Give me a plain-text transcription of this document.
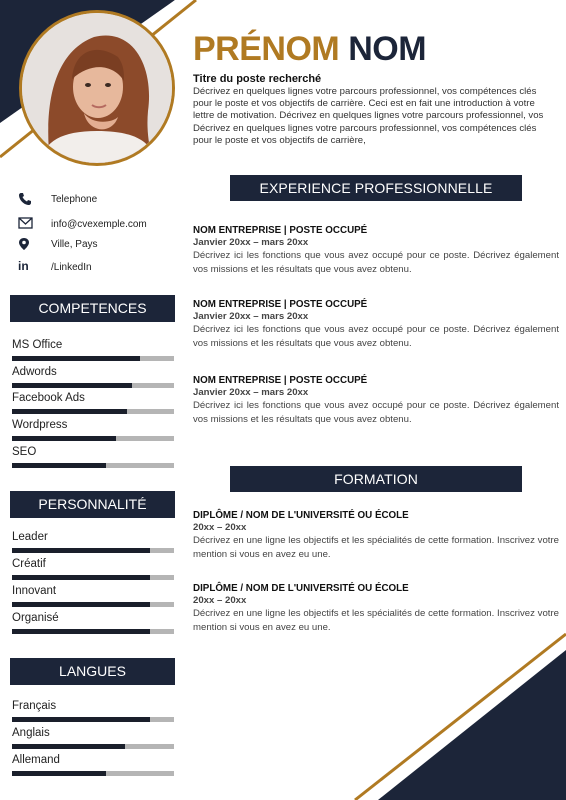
PRÉNOM NOM
Titre du poste recherché
Décrivez en quelques lignes votre parcours professionnel, vos compétences clés pour le poste et vos objectifs de carrière. Ceci est en fait une introduction à votre lettre de motivation. Décrivez en quelques lignes votre parcours professionnel, vos Décrivez en quelques lignes votre parcours professionnel, vos compétences clés pour le poste et vos objectifs de carrière,
Telephone
info@cvexemple.com
Ville, Pays
in	/LinkedIn
COMPETENCES
MS Office
Adwords
Facebook Ads
Wordpress
SEO
PERSONNALITÉ
Leader
Créatif
Innovant
Organisé
LANGUES
Français
Anglais
Allemand
EXPERIENCE PROFESSIONNELLE
NOM ENTREPRISE | POSTE OCCUPÉ
Janvier 20xx – mars 20xx
Décrivez ici les fonctions que vous avez occupé pour ce poste. Décrivez également vos missions et les résultats que vous avez obtenu.
NOM ENTREPRISE | POSTE OCCUPÉ
Janvier 20xx – mars 20xx
Décrivez ici les fonctions que vous avez occupé pour ce poste. Décrivez également vos missions et les résultats que vous avez obtenu.
NOM ENTREPRISE | POSTE OCCUPÉ
Janvier 20xx – mars 20xx
Décrivez ici les fonctions que vous avez occupé pour ce poste. Décrivez également vos missions et les résultats que vous avez obtenu.
FORMATION
DIPLÔME / NOM DE L'UNIVERSITÉ OU ÉCOLE
20xx – 20xx
Décrivez en une ligne les objectifs et les spécialités de cette formation. Inscrivez votre mention si vous en avez eu une.
DIPLÔME / NOM DE L'UNIVERSITÉ OU ÉCOLE
20xx – 20xx
Décrivez en une ligne les objectifs et les spécialités de cette formation. Inscrivez votre mention si vous en avez eu une.
